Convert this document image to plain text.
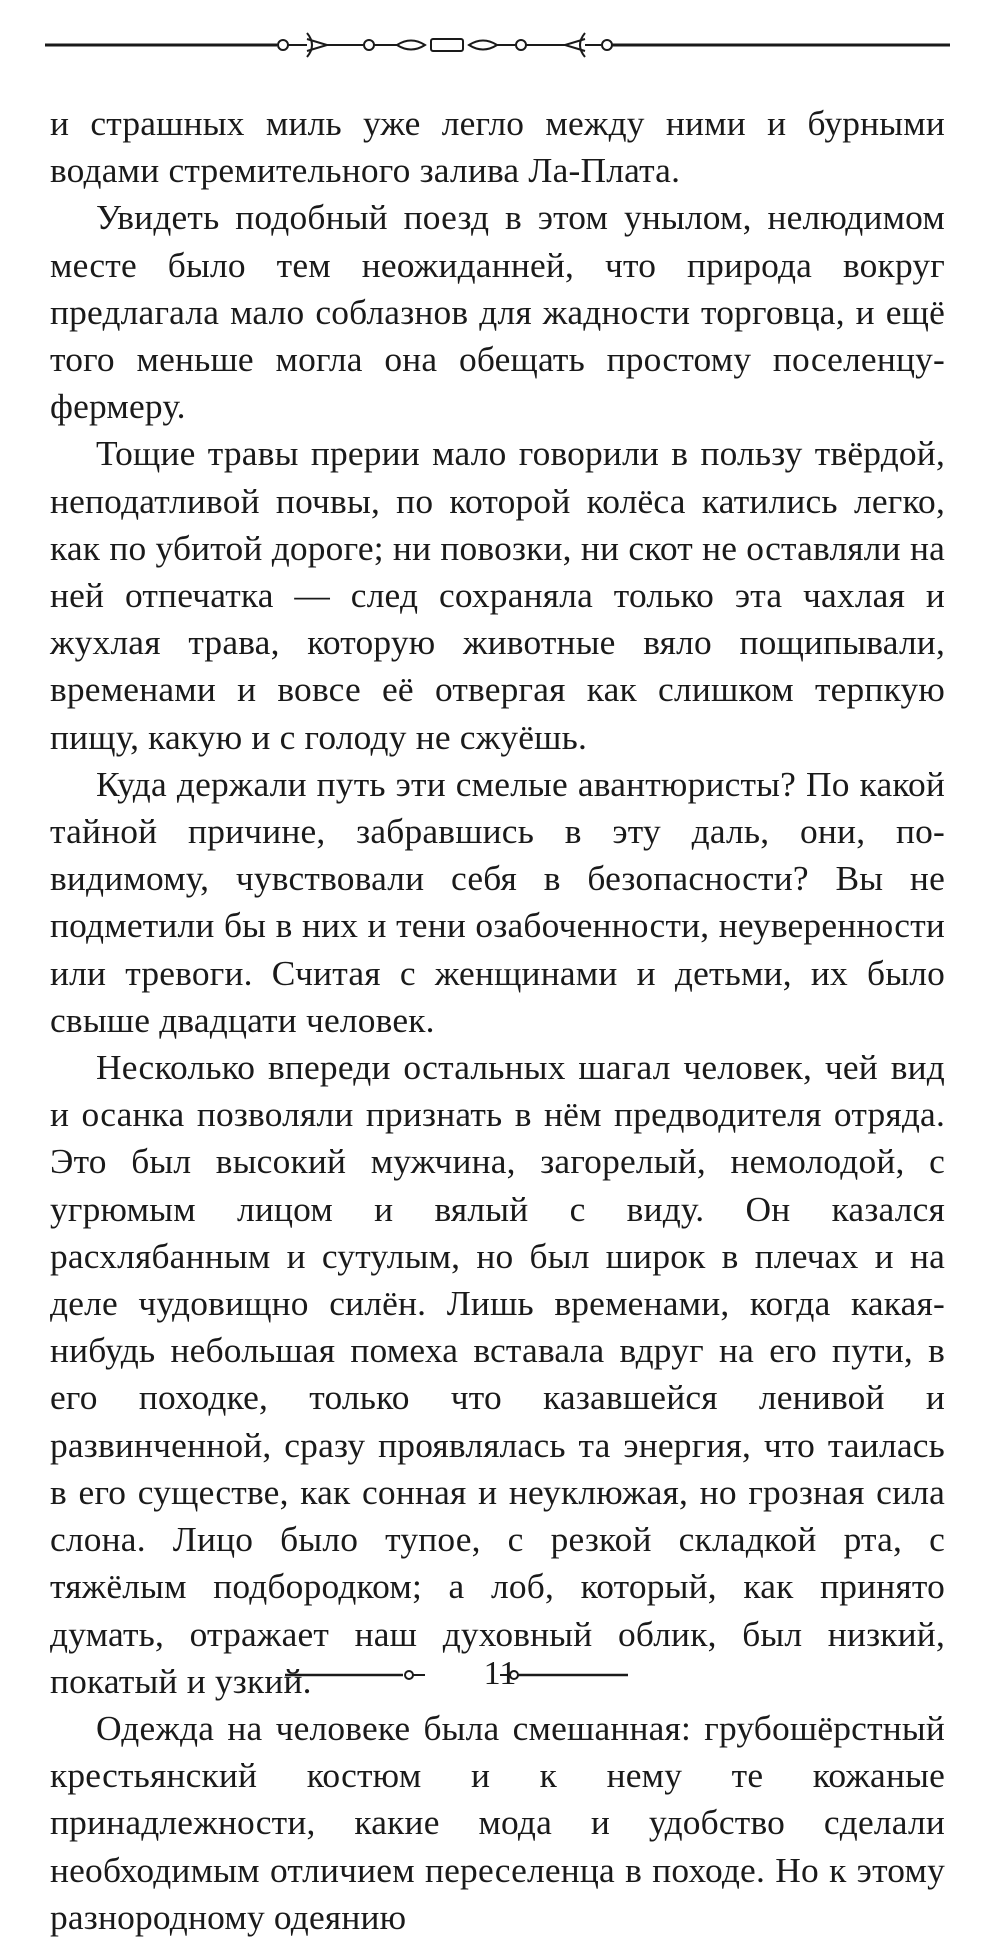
и страшных миль уже легло между ними и бурными водами стремительного залива Ла-Плата.

Увидеть подобный поезд в этом унылом, нелюдимом месте было тем неожиданней, что природа вокруг предлагала мало соблазнов для жадности торговца, и ещё того меньше могла она обещать простому поселенцу-фермеру.

Тощие травы прерии мало говорили в пользу твёрдой, неподатливой почвы, по которой колёса катились легко, как по убитой дороге; ни повозки, ни скот не оставляли на ней отпечатка — след сохраняла только эта чахлая и жухлая трава, которую животные вяло пощипывали, временами и вовсе её отвергая как слишком терпкую пищу, какую и с голоду не сжуёшь.

Куда держали путь эти смелые авантюристы? По какой тайной причине, забравшись в эту даль, они, по-видимому, чувствовали себя в безопасности? Вы не подметили бы в них и тени озабоченности, неуверенности или тревоги. Считая с женщинами и детьми, их было свыше двадцати человек.

Несколько впереди остальных шагал человек, чей вид и осанка позволяли признать в нём предводителя отряда. Это был высокий мужчина, загорелый, немолодой, с угрюмым лицом и вялый с виду. Он казался расхлябанным и сутулым, но был широк в плечах и на деле чудовищно силён. Лишь временами, когда какая-нибудь небольшая помеха вставала вдруг на его пути, в его походке, только что казавшейся ленивой и развинченной, сразу проявлялась та энергия, что таилась в его существе, как сонная и неуклюжая, но грозная сила слона. Лицо было тупое, с резкой складкой рта, с тяжёлым подбородком; а лоб, который, как принято думать, отражает наш духовный облик, был низкий, покатый и узкий.

Одежда на человеке была смешанная: грубошёрстный крестьянский костюм и к нему те кожаные принадлежности, какие мода и удобство сделали необходимым отличием переселенца в походе. Но к этому разнородному одеянию

11
